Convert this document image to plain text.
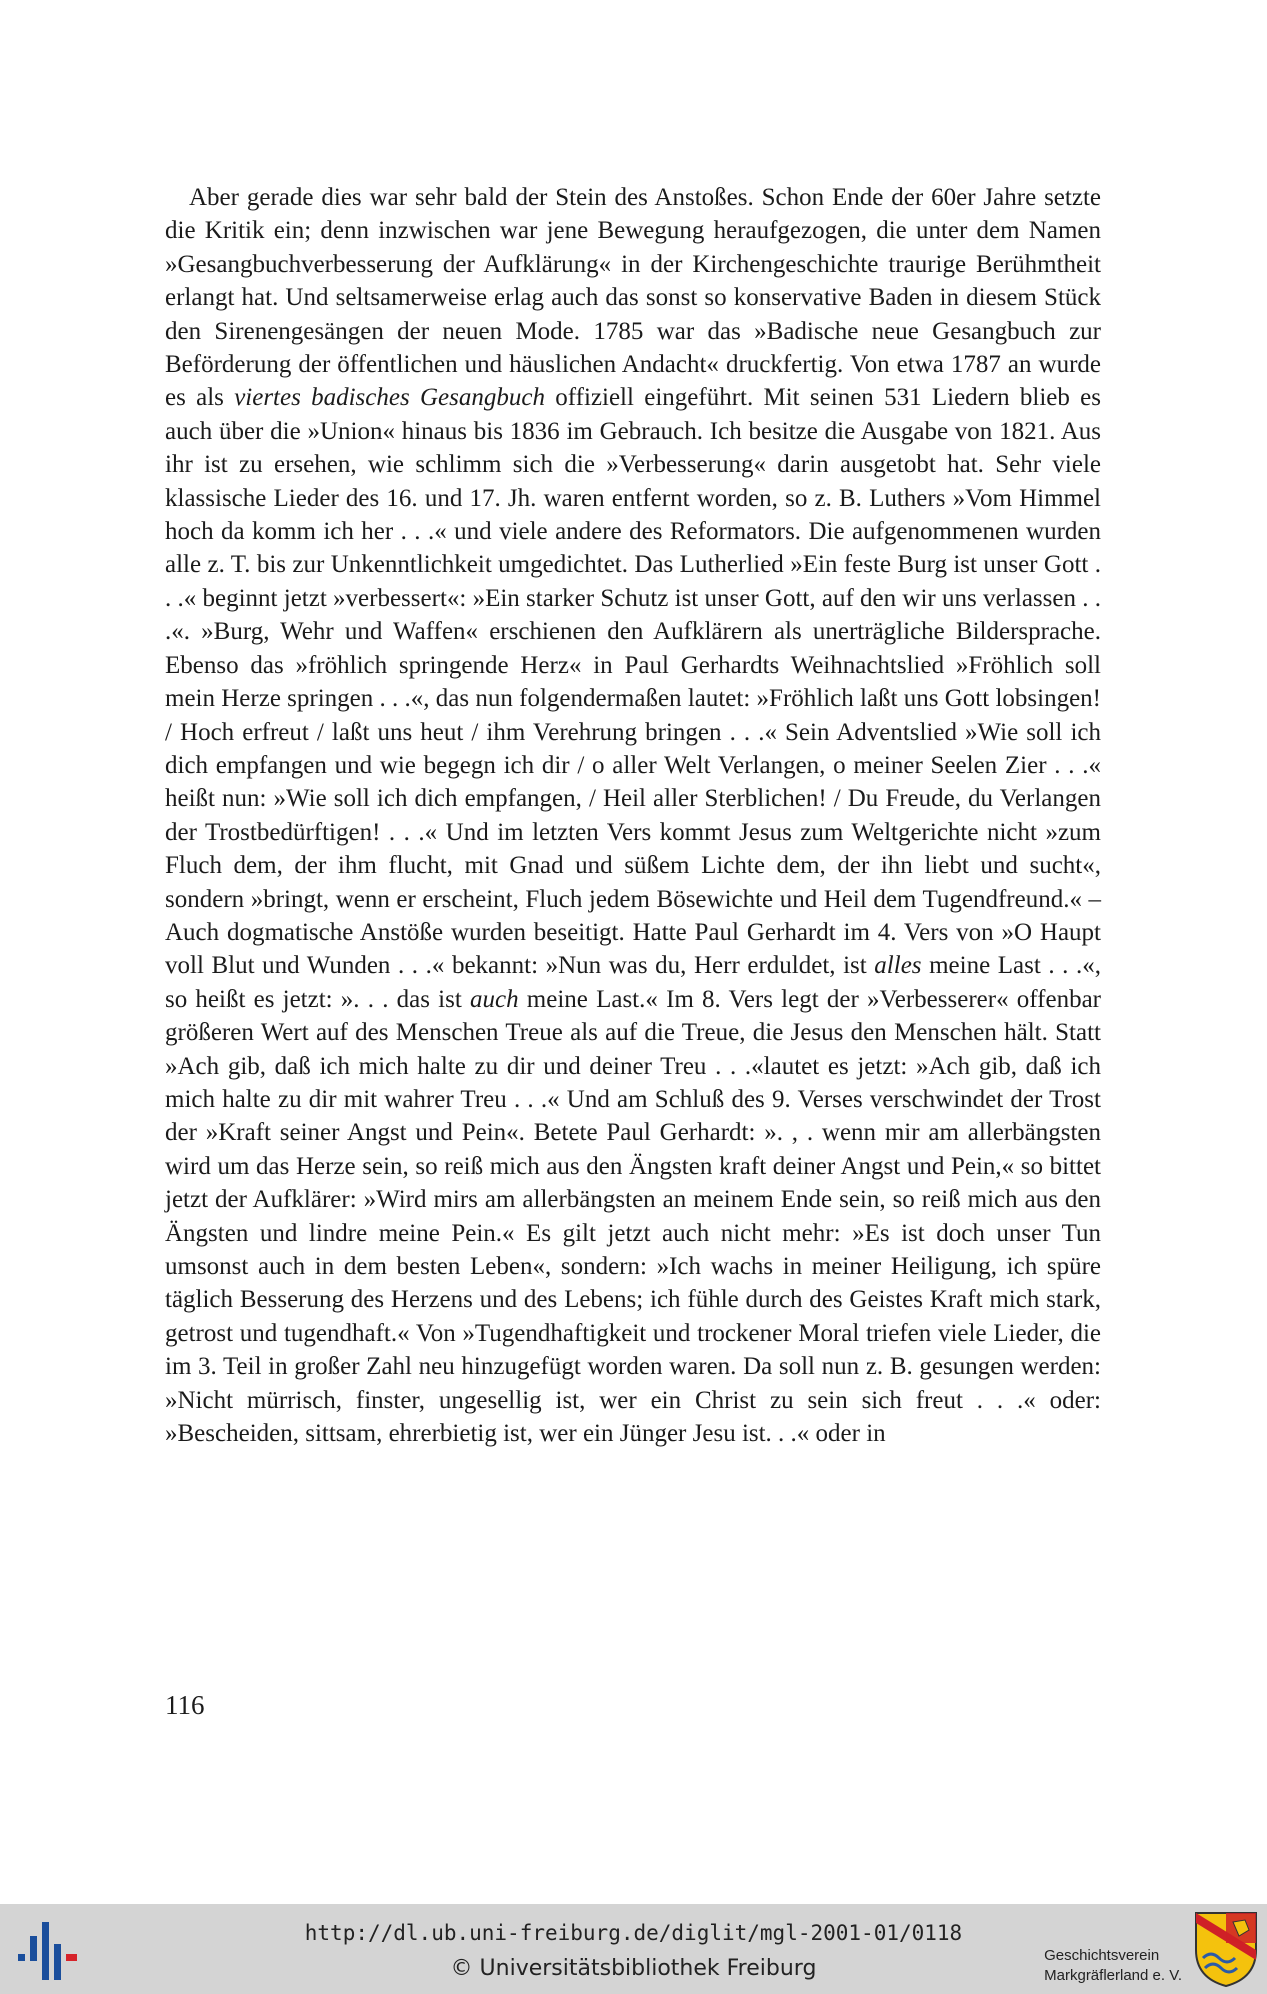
Aber gerade dies war sehr bald der Stein des Anstoßes. Schon Ende der 60er Jahre setzte die Kritik ein; denn inzwischen war jene Bewegung heraufgezogen, die unter dem Namen »Gesangbuchverbesserung der Aufklärung« in der Kirchengeschichte traurige Berühmtheit erlangt hat. Und seltsamerweise erlag auch das sonst so konservative Baden in diesem Stück den Sirenengesängen der neuen Mode. 1785 war das »Badische neue Gesangbuch zur Beförderung der öffentlichen und häuslichen Andacht« druckfertig. Von etwa 1787 an wurde es als viertes badisches Gesangbuch offiziell eingeführt. Mit seinen 531 Liedern blieb es auch über die »Union« hinaus bis 1836 im Gebrauch. Ich besitze die Ausgabe von 1821. Aus ihr ist zu ersehen, wie schlimm sich die »Verbesserung« darin ausgetobt hat. Sehr viele klassische Lieder des 16. und 17. Jh. waren entfernt worden, so z. B. Luthers »Vom Himmel hoch da komm ich her . . .« und viele andere des Reformators. Die aufgenommenen wurden alle z. T. bis zur Unkenntlichkeit umgedichtet. Das Lutherlied »Ein feste Burg ist unser Gott . . .« beginnt jetzt »verbessert«: »Ein starker Schutz ist unser Gott, auf den wir uns verlassen . . .«. »Burg, Wehr und Waffen« erschienen den Aufklärern als unerträgliche Bildersprache. Ebenso das »fröhlich springende Herz« in Paul Gerhardts Weihnachtslied »Fröhlich soll mein Herze springen . . .«, das nun folgendermaßen lautet: »Fröhlich laßt uns Gott lobsingen! / Hoch erfreut / laßt uns heut / ihm Verehrung bringen . . .« Sein Adventslied »Wie soll ich dich empfangen und wie begegn ich dir / o aller Welt Verlangen, o meiner Seelen Zier . . .« heißt nun: »Wie soll ich dich empfangen, / Heil aller Sterblichen! / Du Freude, du Verlangen der Trostbedürftigen! . . .« Und im letzten Vers kommt Jesus zum Weltgerichte nicht »zum Fluch dem, der ihm flucht, mit Gnad und süßem Lichte dem, der ihn liebt und sucht«, sondern »bringt, wenn er erscheint, Fluch jedem Bösewichte und Heil dem Tugendfreund.« – Auch dogmatische Anstöße wurden beseitigt. Hatte Paul Gerhardt im 4. Vers von »O Haupt voll Blut und Wunden . . .« bekannt: »Nun was du, Herr erduldet, ist alles meine Last . . .«, so heißt es jetzt: ». . . das ist auch meine Last.« Im 8. Vers legt der »Verbesserer« offenbar größeren Wert auf des Menschen Treue als auf die Treue, die Jesus den Menschen hält. Statt »Ach gib, daß ich mich halte zu dir und deiner Treu . . .«lautet es jetzt: »Ach gib, daß ich mich halte zu dir mit wahrer Treu . . .« Und am Schluß des 9. Verses verschwindet der Trost der »Kraft seiner Angst und Pein«. Betete Paul Gerhardt: ». , . wenn mir am allerbängsten wird um das Herze sein, so reiß mich aus den Ängsten kraft deiner Angst und Pein,« so bittet jetzt der Aufklärer: »Wird mirs am allerbängsten an meinem Ende sein, so reiß mich aus den Ängsten und lindre meine Pein.« Es gilt jetzt auch nicht mehr: »Es ist doch unser Tun umsonst auch in dem besten Leben«, sondern: »Ich wachs in meiner Heiligung, ich spüre täglich Besserung des Herzens und des Lebens; ich fühle durch des Geistes Kraft mich stark, getrost und tugendhaft.« Von »Tugendhaftigkeit und trockener Moral triefen viele Lieder, die im 3. Teil in großer Zahl neu hinzugefügt worden waren. Da soll nun z. B. gesungen werden: »Nicht mürrisch, finster, ungesellig ist, wer ein Christ zu sein sich freut . . .« oder: »Bescheiden, sittsam, ehrerbietig ist, wer ein Jünger Jesu ist. . .« oder in

116
http://dl.ub.uni-freiburg.de/diglit/mgl-2001-01/0118
© Universitätsbibliothek Freiburg
Geschichtsverein
Markgräflerland e. V.
